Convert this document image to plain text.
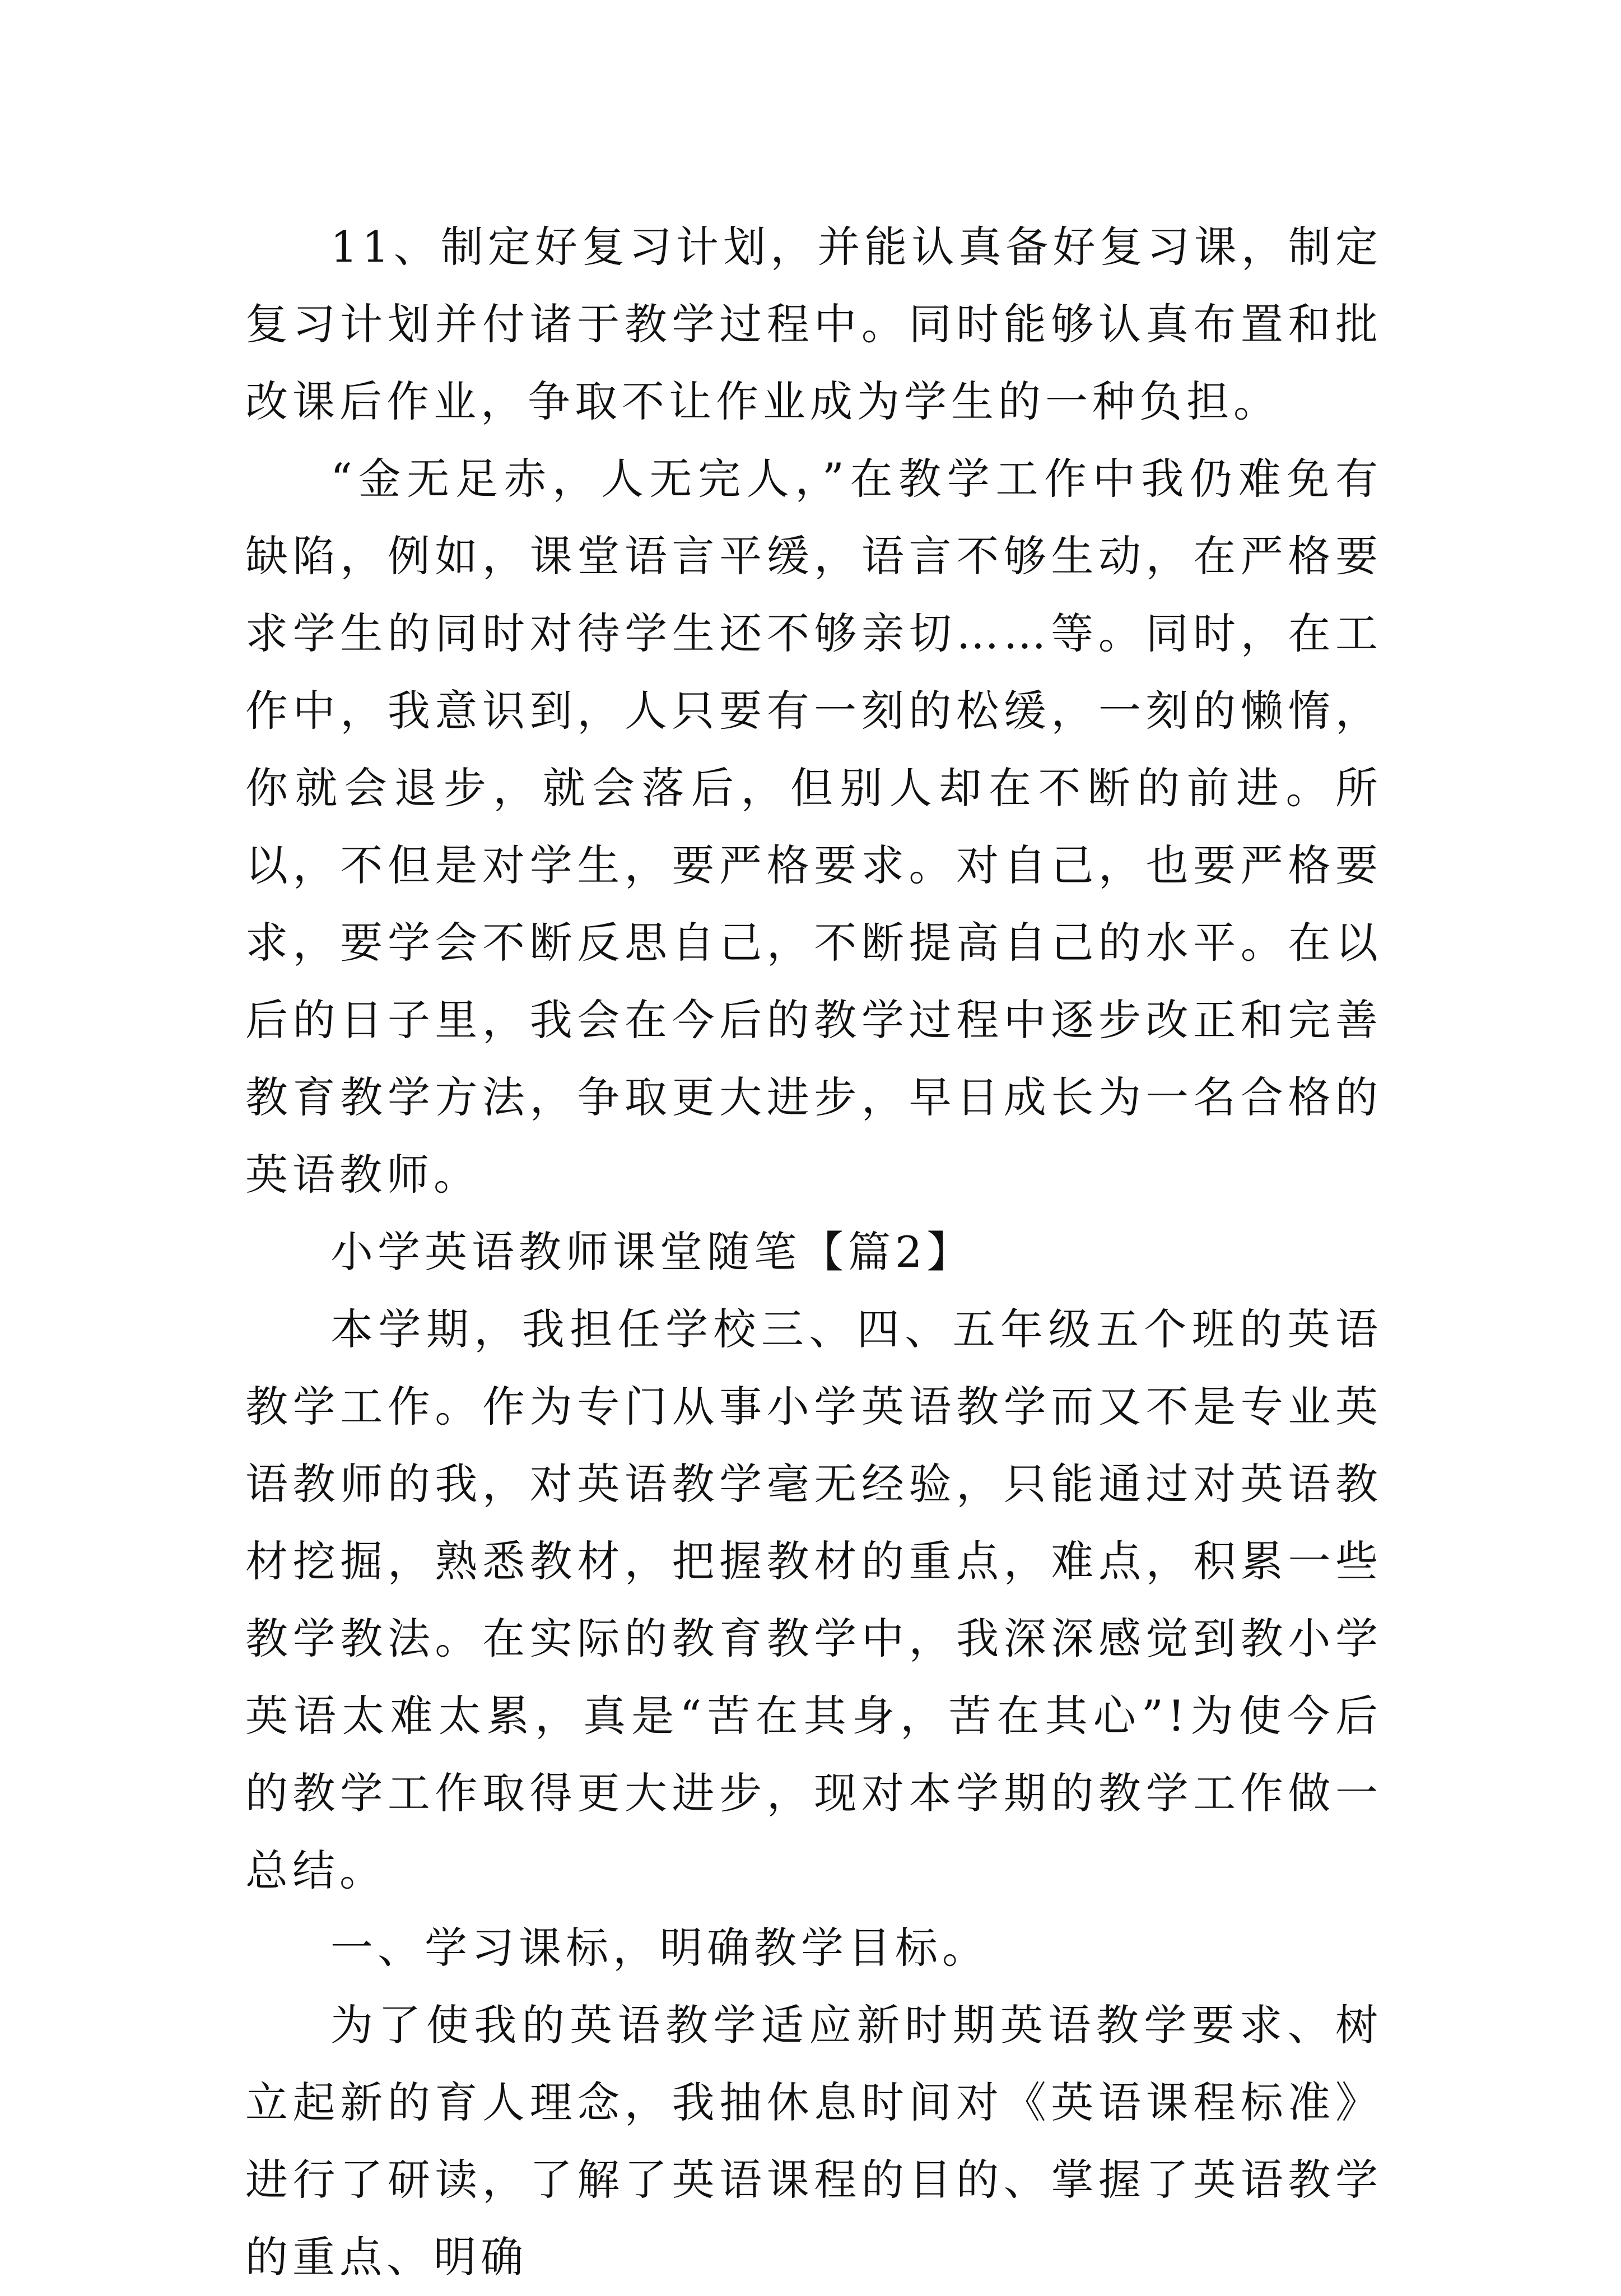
11、制定好复习计划，并能认真备好复习课，制定复习计划并付诸于教学过程中。同时能够认真布置和批改课后作业，争取不让作业成为学生的一种负担。

“金无足赤，人无完人，”在教学工作中我仍难免有缺陷，例如，课堂语言平缓，语言不够生动，在严格要求学生的同时对待学生还不够亲切……等。同时，在工作中，我意识到，人只要有一刻的松缓，一刻的懒惰，你就会退步，就会落后，但别人却在不断的前进。所以，不但是对学生，要严格要求。对自己，也要严格要求，要学会不断反思自己，不断提高自己的水平。在以后的日子里，我会在今后的教学过程中逐步改正和完善教育教学方法，争取更大进步，早日成长为一名合格的英语教师。

小学英语教师课堂随笔【篇2】

本学期，我担任学校三、四、五年级五个班的英语教学工作。作为专门从事小学英语教学而又不是专业英语教师的我，对英语教学毫无经验，只能通过对英语教材挖掘，熟悉教材，把握教材的重点，难点，积累一些教学教法。在实际的教育教学中，我深深感觉到教小学英语太难太累，真是“苦在其身，苦在其心”!为使今后的教学工作取得更大进步，现对本学期的教学工作做一总结。

一、学习课标，明确教学目标。

为了使我的英语教学适应新时期英语教学要求、树立起新的育人理念，我抽休息时间对《英语课程标准》进行了研读，了解了英语课程的目的、掌握了英语教学的重点、明确
